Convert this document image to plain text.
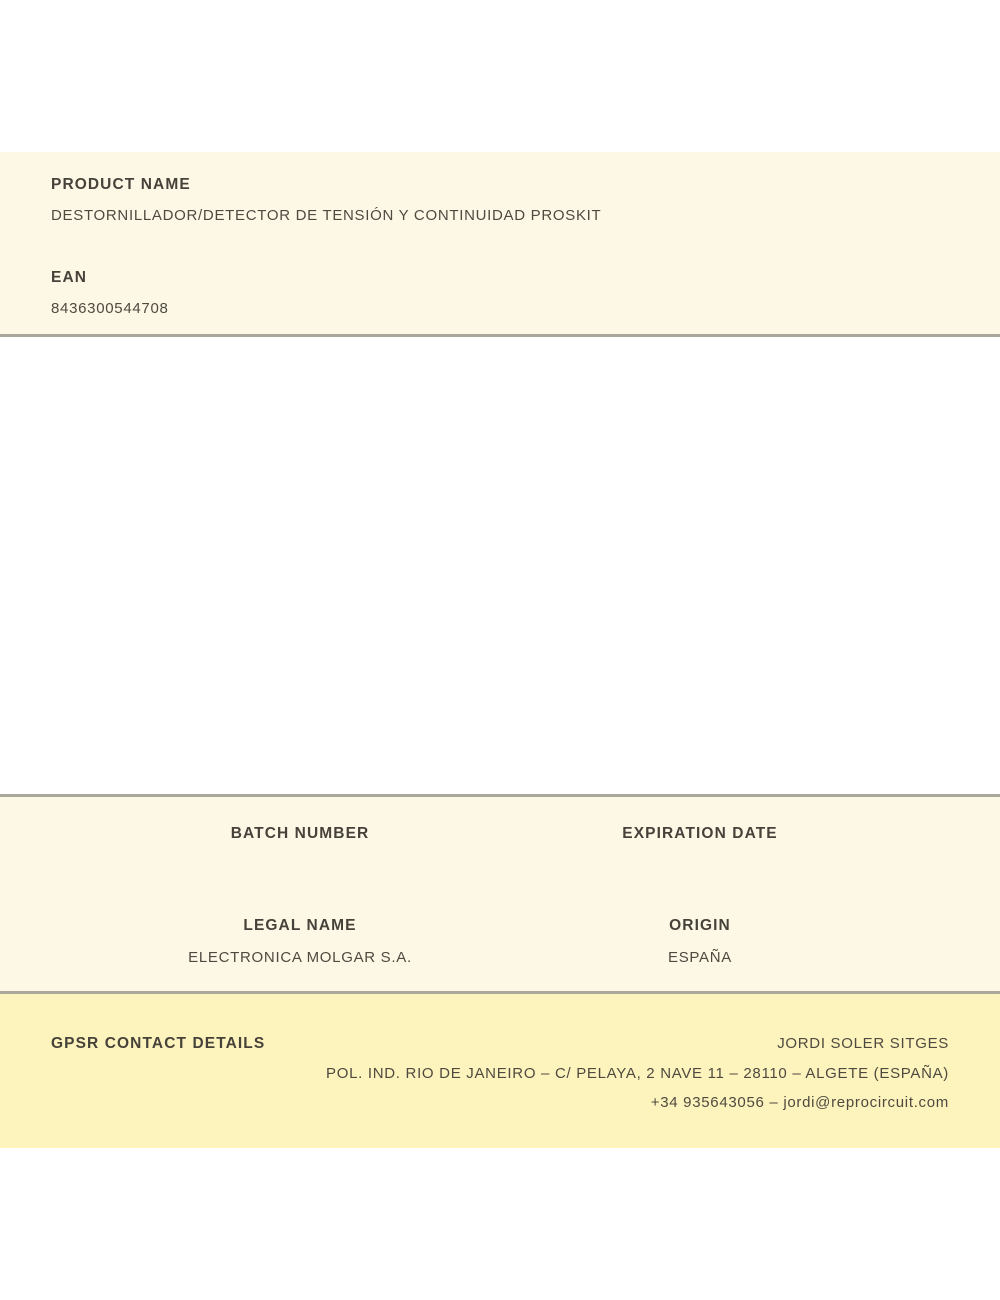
PRODUCT NAME
DESTORNILLADOR/DETECTOR DE TENSIÓN Y CONTINUIDAD PROSKIT
EAN
8436300544708
BATCH NUMBER	EXPIRATION DATE
LEGAL NAME	ORIGIN
ELECTRONICA MOLGAR S.A.	ESPAÑA
GPSR CONTACT DETAILS	JORDI SOLER SITGES
POL. IND. RIO DE JANEIRO – C/ PELAYA, 2 NAVE 11 – 28110 – ALGETE (ESPAÑA)
+34 935643056 – jordi@reprocircuit.com
